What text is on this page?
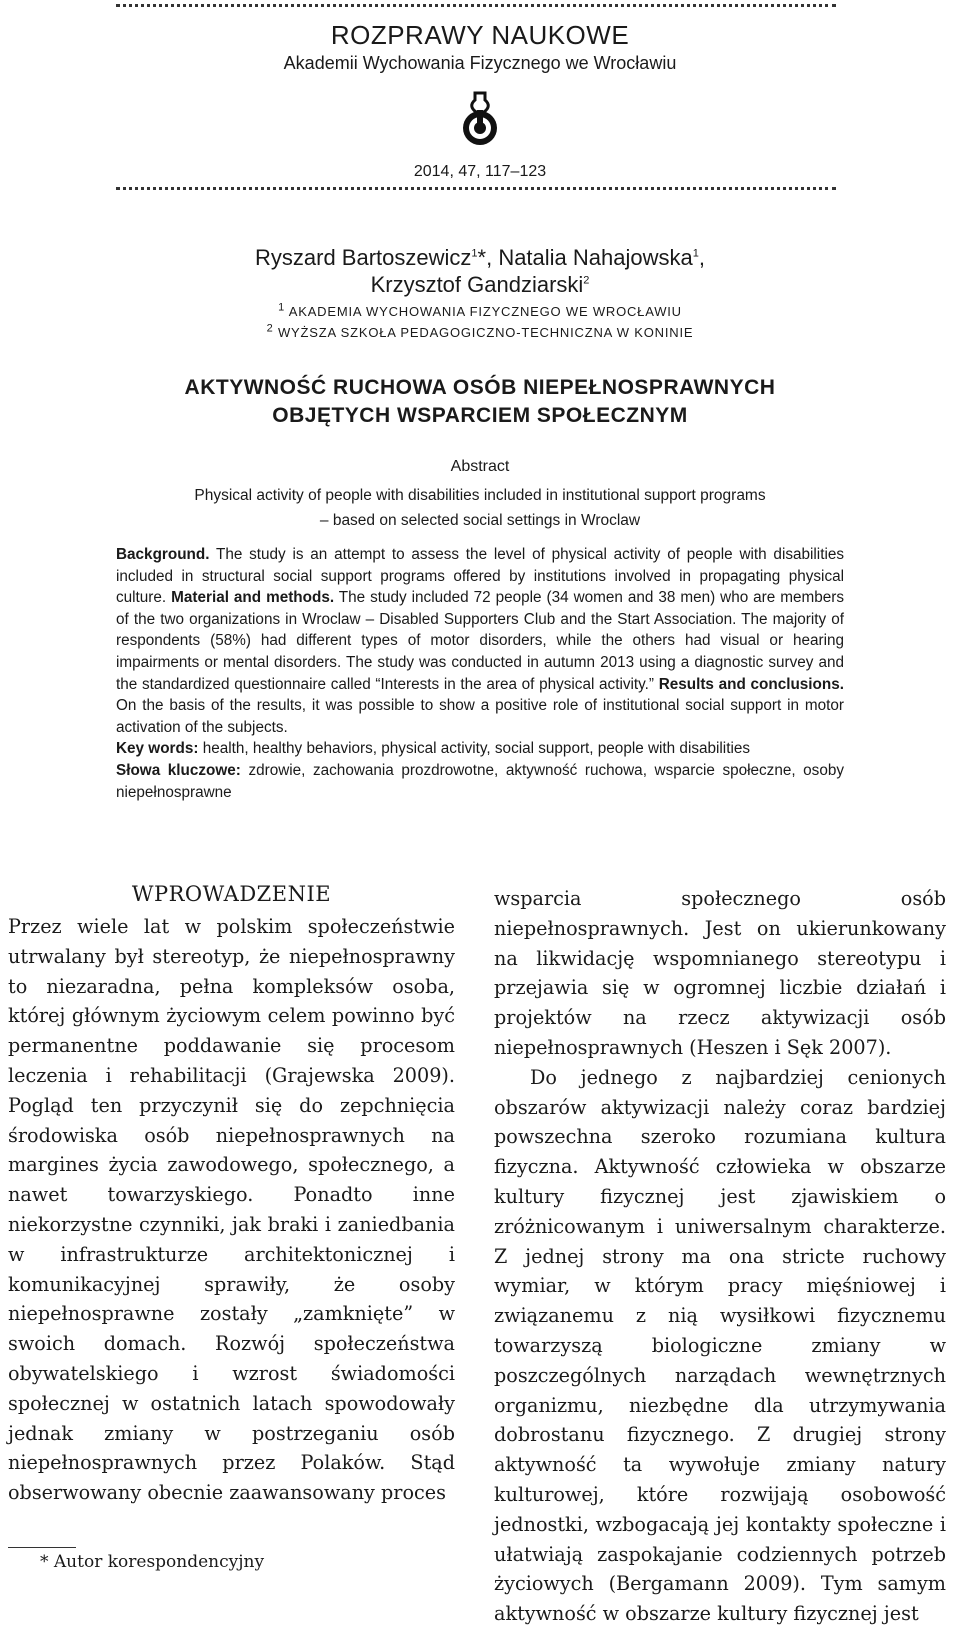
ROZPRAWY NAUKOWE
Akademii Wychowania Fizycznego we Wrocławiu
2014, 47, 117–123
Ryszard Bartoszewicz$^1$*, Natalia Nahajowska$^1$,
Krzysztof Gandziarski$^2$
$^1$ AKADEMIA WYCHOWANIA FIZYCZNEGO WE WROCŁAWIU
$^2$ WYŻSZA SZKOŁA PEDAGOGICZNO-TECHNICZNA W KONINIE
AKTYWNOŚĆ RUCHOWA OSÓB NIEPEŁNOSPRAWNYCH
OBJĘTYCH WSPARCIEM SPOŁECZNYM
Abstract
Physical activity of people with disabilities included in institutional support programs
– based on selected social settings in Wroclaw
Background. The study is an attempt to assess the level of physical activity of people with disabilities included in structural social support programs offered by institutions involved in propagating physical culture. Material and methods. The study included 72 people (34 women and 38 men) who are members of the two organizations in Wroclaw – Disabled Supporters Club and the Start Association. The majority of respondents (58%) had different types of motor disorders, while the others had visual or hearing impairments or mental disorders. The study was conducted in autumn 2013 using a diagnostic survey and the standardized questionnaire called “Interests in the area of physical activity.” Results and conclusions. On the basis of the results, it was possible to show a positive role of institutional social support in motor activation of the subjects.
Key words: health, healthy behaviors, physical activity, social support, people with disabilities
Słowa kluczowe: zdrowie, zachowania prozdrowotne, aktywność ruchowa, wsparcie społeczne, osoby niepełnosprawne
WPROWADZENIE
Przez wiele lat w polskim społeczeństwie utrwalany był stereotyp, że niepełnosprawny to niezaradna, pełna kompleksów osoba, której głównym życiowym celem powinno być permanentne poddawanie się procesom leczenia i rehabilitacji (Grajewska 2009). Pogląd ten przyczynił się do zepchnięcia środowiska osób niepełnosprawnych na margines życia zawodowego, społecznego, a nawet towarzyskiego. Ponadto inne niekorzystne czynniki, jak braki i zaniedbania w infrastrukturze architektonicznej i komunikacyjnej sprawiły, że osoby niepełnosprawne zostały „zamknięte” w swoich domach. Rozwój społeczeństwa obywatelskiego i wzrost świadomości społecznej w ostatnich latach spowodowały jednak zmiany w postrzeganiu osób niepełnosprawnych przez Polaków. Stąd obserwowany obecnie zaawansowany proces
wsparcia społecznego osób niepełnosprawnych. Jest on ukierunkowany na likwidację wspomnianego stereotypu i przejawia się w ogromnej liczbie działań i projektów na rzecz aktywizacji osób niepełnosprawnych (Heszen i Sęk 2007).
Do jednego z najbardziej cenionych obszarów aktywizacji należy coraz bardziej powszechna szeroko rozumiana kultura fizyczna. Aktywność człowieka w obszarze kultury fizycznej jest zjawiskiem o zróżnicowanym i uniwersalnym charakterze. Z jednej strony ma ona stricte ruchowy wymiar, w którym pracy mięśniowej i związanemu z nią wysiłkowi fizycznemu towarzyszą biologiczne zmiany w poszczególnych narządach wewnętrznych organizmu, niezbędne dla utrzymywania dobrostanu fizycznego. Z drugiej strony aktywność ta wywołuje zmiany natury kulturowej, które rozwijają osobowość jednostki, wzbogacają jej kontakty społeczne i ułatwiają zaspokajanie codziennych potrzeb życiowych (Bergamann 2009). Tym samym aktywność w obszarze kultury fizycznej jest
* Autor korespondencyjny
